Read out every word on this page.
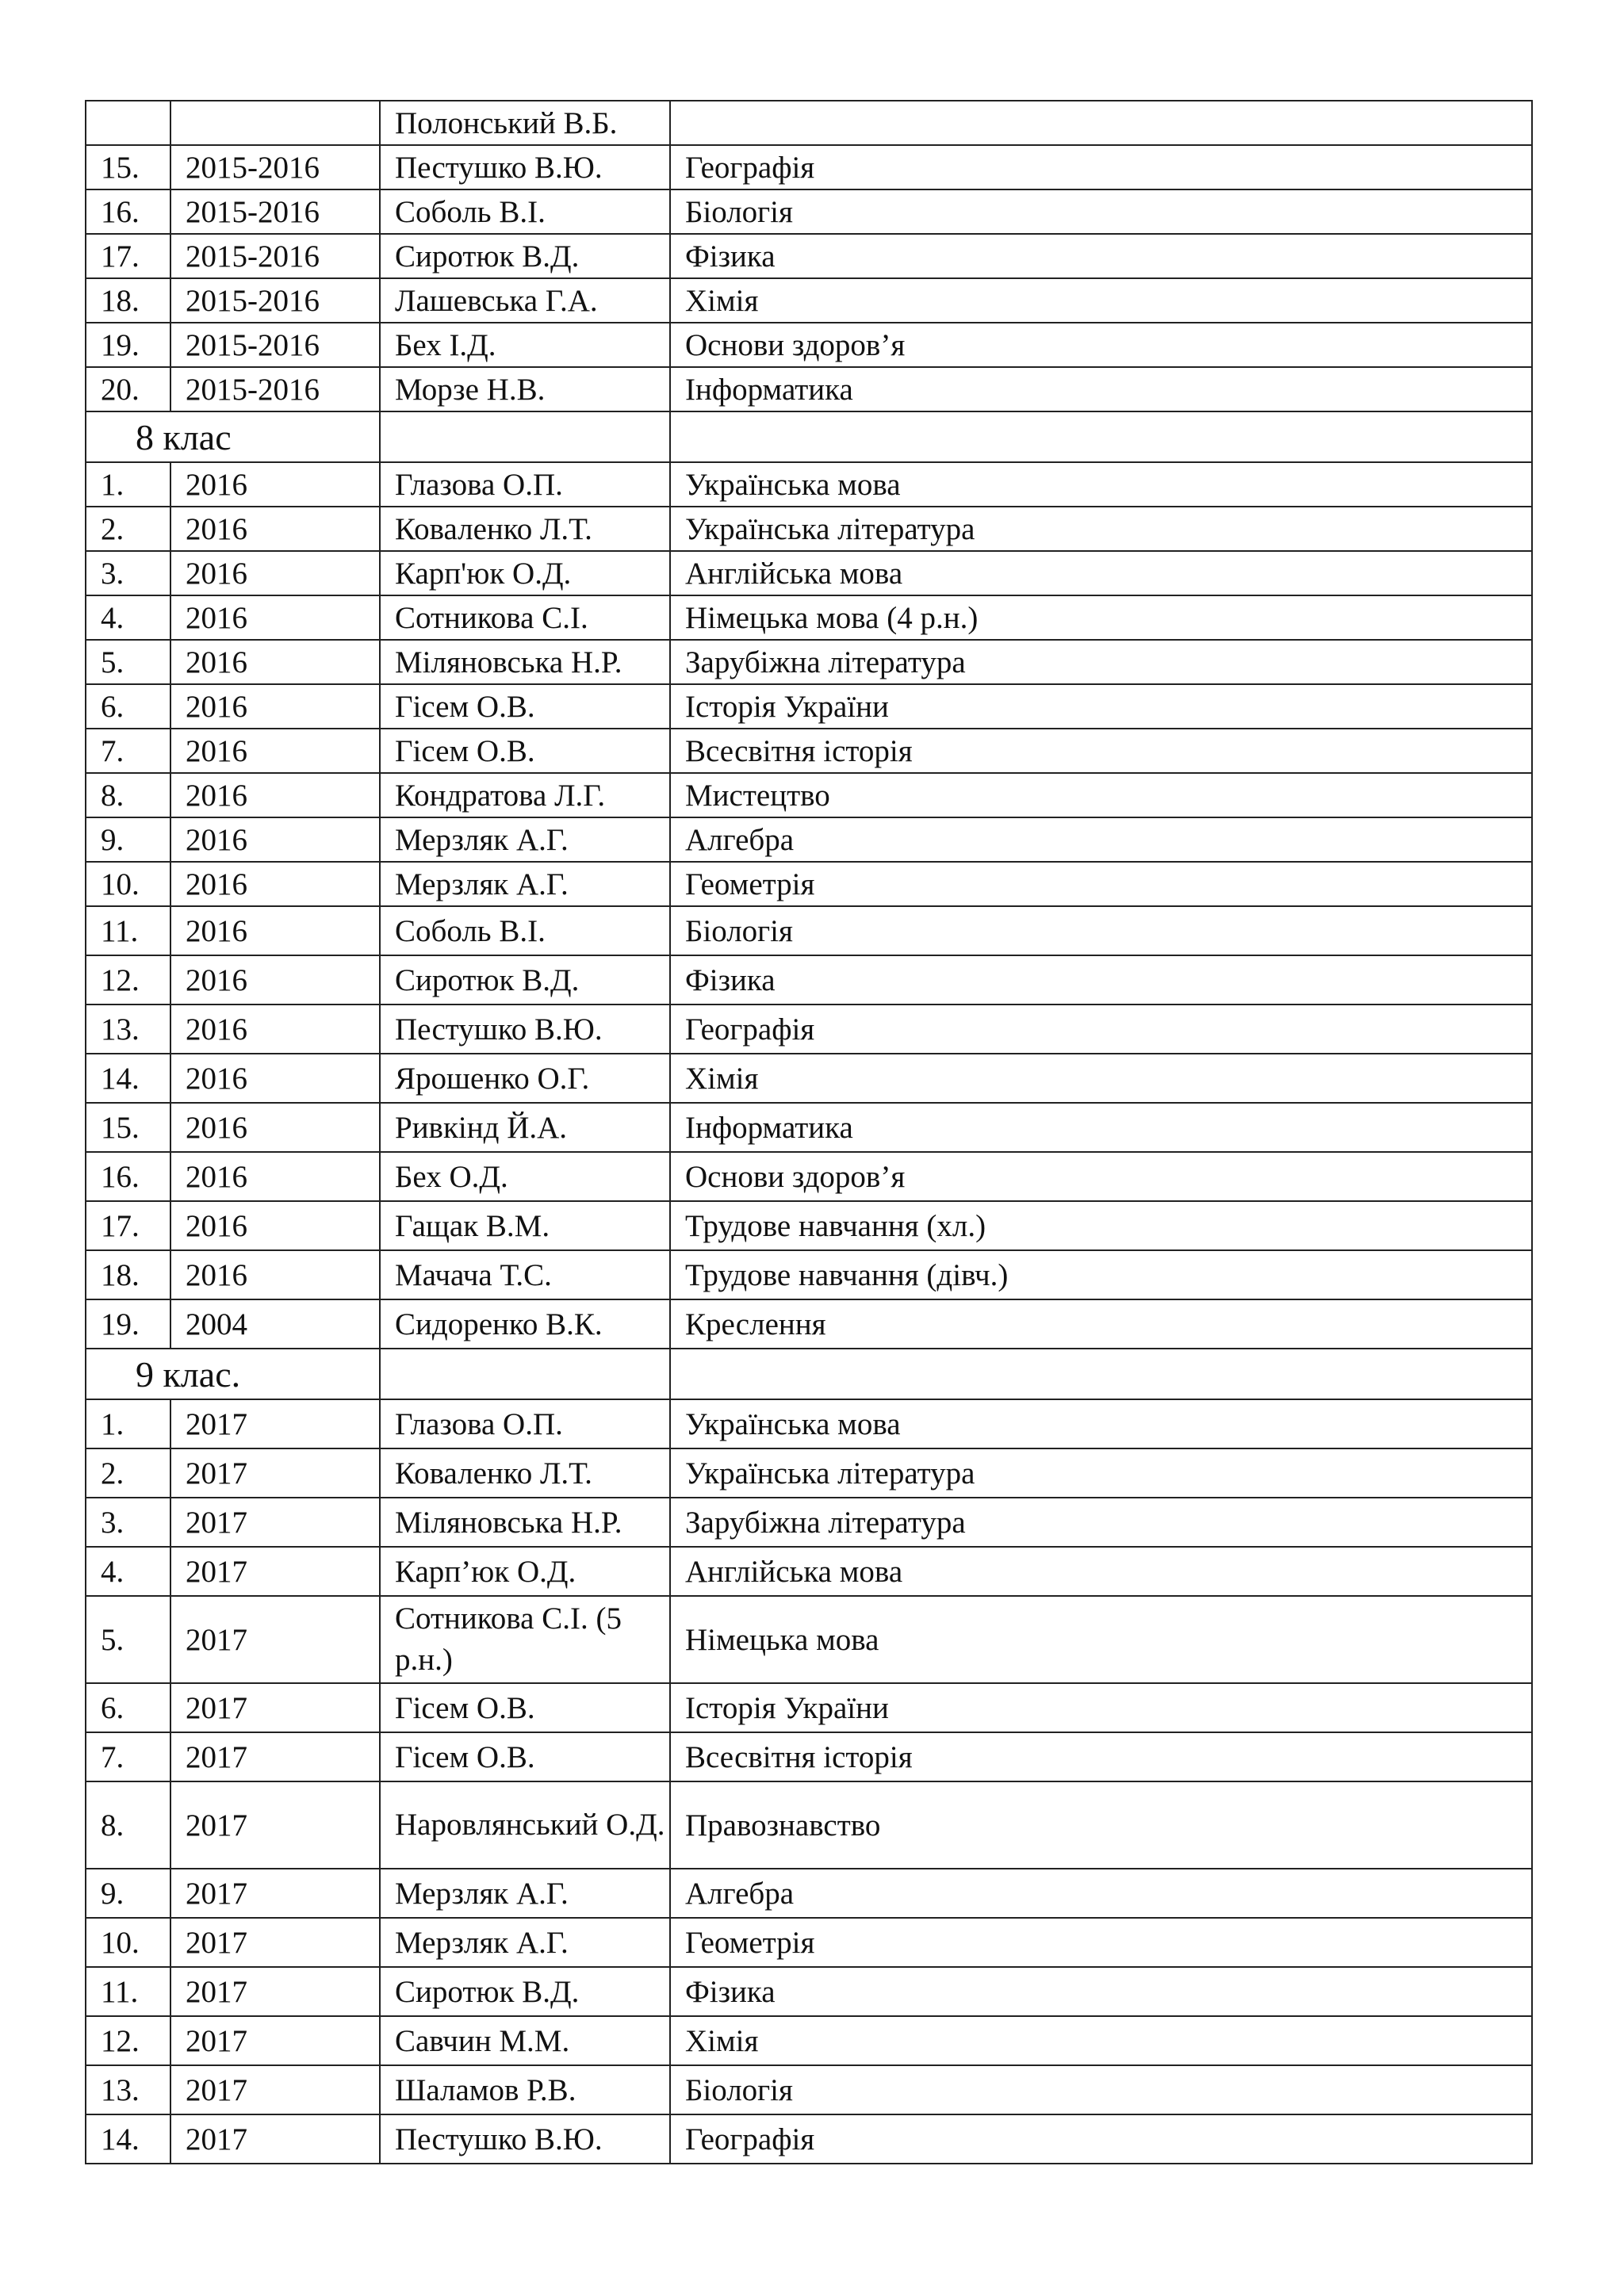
		Полонський В.Б.	
15.	2015-2016	Пестушко В.Ю.	Географія
16.	2015-2016	Соболь В.І.	Біологія
17.	2015-2016	Сиротюк В.Д.	Фізика
18.	2015-2016	Лашевська Г.А.	Хімія
19.	2015-2016	Бех І.Д.	Основи здоров’я
20.	2015-2016	Морзе Н.В.	Інформатика
8 клас			
1.	2016	Глазова О.П.	Українська мова
2.	2016	Коваленко Л.Т.	Українська література
3.	2016	Карп'юк О.Д.	Англійська мова
4.	2016	Сотникова С.І.	Німецька мова (4 р.н.)
5.	2016	Міляновська Н.Р.	Зарубіжна література
6.	2016	Гісем О.В.	Історія України
7.	2016	Гісем О.В.	Всесвітня історія
8.	2016	Кондратова Л.Г.	Мистецтво
9.	2016	Мерзляк А.Г.	Алгебра
10.	2016	Мерзляк А.Г.	Геометрія
11.	2016	Соболь В.І.	Біологія
12.	2016	Сиротюк В.Д.	Фізика
13.	2016	Пестушко В.Ю.	Географія
14.	2016	Ярошенко О.Г.	Хімія
15.	2016	Ривкінд Й.А.	Інформатика
16.	2016	Бех О.Д.	Основи здоров’я
17.	2016	Гащак В.М.	Трудове навчання (хл.)
18.	2016	Мачача Т.С.	Трудове навчання (дівч.)
19.	2004	Сидоренко В.К.	Креслення
9 клас.			
1.	2017	Глазова О.П.	Українська мова
2.	2017	Коваленко Л.Т.	Українська література
3.	2017	Міляновська Н.Р.	Зарубіжна література
4.	2017	Карп’юк О.Д.	Англійська мова
5.	2017	Сотникова С.І. (5 р.н.)	Німецька мова
6.	2017	Гісем О.В.	Історія України
7.	2017	Гісем О.В.	Всесвітня історія
8.	2017	Наровлянський О.Д.	Правознавство
9.	2017	Мерзляк А.Г.	Алгебра
10.	2017	Мерзляк А.Г.	Геометрія
11.	2017	Сиротюк В.Д.	Фізика
12.	2017	Савчин М.М.	Хімія
13.	2017	Шаламов Р.В.	Біологія
14.	2017	Пестушко В.Ю.	Географія
